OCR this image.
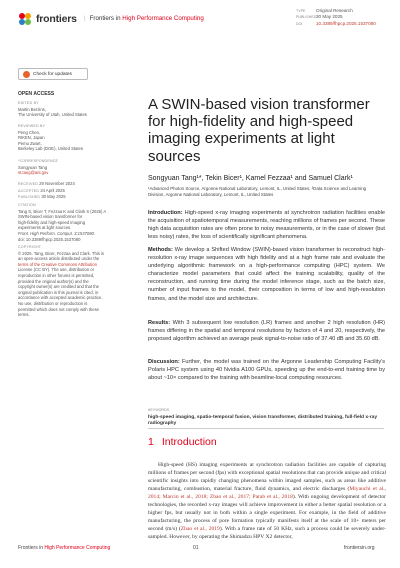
frontiers	| Frontiers in High Performance Computing
TYPE Original Research
PUBLISHED30 May 2025
DOI	10.3389/fhpcp.2025.1537080
Check for updates
OPEN ACCESS
EDITED BY
Martin Berzins,
The University of Utah, United States
REVIEWED BY
Peng Chen,
RIKEN, Japan
Pemu Zwart,
Berkeley Lab (DOE), United States
*CORRESPONDENCE
Songyuan Tang
st.tang@anl.gov
RECEIVED 29 November 2024
ACCEPTED 24 April 2025
PUBLISHED 30 May 2025
CITATION
Tang S, Bicer T, Fezzaa K and Clark S (2025) A
SWIN-based vision transformer for
high-fidelity and high-speed imaging
experiments at light sources.
Front. High Perform. Comput. 3:1537080.
doi: 10.3389/fhpcp.2025.1537080
COPYRIGHT
© 2025. Tang, Bicer, Fezzaa and Clark. This is
an open-access article distributed under the
terms of the Creative Commons Attribution
License (CC BY). The use, distribution or
reproduction in other forums is permitted,
provided the original author(s) and the
copyright owner(s) are credited and that the
original publication in this journal is cited, in
accordance with accepted academic practice.
No use, distribution or reproduction is
permitted which does not comply with these
terms.
A SWIN-based vision transformer for high-fidelity and high-speed imaging experiments at light sources
Songyuan Tang¹*, Tekin Bicer¹, Kamel Fezzaa¹ and Samuel Clark¹
¹Advanced Photon Source, Argonne National Laboratory, Lemont, IL, United States, ²Data Science and Learning Division, Argonne National Laboratory, Lemont, IL, United States
Introduction: High-speed x-ray imaging experiments at synchrotron radiation facilities enable the acquisition of spatiotemporal measurements, reaching millions of frames per second. These high data acquisition rates are often prone to noisy measurements, or in the case of slower (but less noisy) rates, the loss of scientifically significant phenomena.
Methods: We develop a Shifted Window (SWIN)-based vision transformer to reconstruct high-resolution x-ray image sequences with high fidelity and at a high frame rate and evaluate the underlying algorithmic framework on a high-performance computing (HPC) system. We characterize model parameters that could affect the training scalability, quality of the reconstruction, and running time during the model inference stage, such as the batch size, number of input frames to the model, their composition in terms of low and high-resolution frames, and the model size and architecture.
Results: With 3 subsequent low resolution (LR) frames and another 2 high resolution (HR) frames differing in the spatial and temporal resolutions by factors of 4 and 20, respectively, the proposed algorithm achieved an average peak signal-to-noise ratio of 37.40 dB and 35.60 dB.
Discussion: Further, the model was trained on the Argonne Leadership Computing Facility's Polaris HPC system using 40 Nvidia A100 GPUs, speeding up the end-to-end training time by about ~10× compared to the training with beamline-local computing resources.
KEYWORDS
high-speed imaging, spatio-temporal fusion, vision transformer, distributed training, full-field x-ray radiography
1 Introduction
High-speed (HS) imaging experiments at synchrotron radiation facilities are capable of capturing millions of frames per second (fps) with exceptional spatial resolutions that can provide unique and critical scientific insights into rapidly changing phenomena within imaged samples, such as areas like additive manufacturing, combustion, material fracture, fluid dynamics, and electric discharges (Miyauchi et al., 2014; Marcin et al., 2018; Zhao et al., 2017; Parab et al., 2018). With ongoing development of detector technologies, the recorded x-ray images will achieve improvement in either a better spatial resolution or a higher fps, but usually not in both within a single experiment. For example, in the field of additive manufacturing, the process of pore formation typically manifests itself at the scale of 10+ meters per second (m/s) (Zhao et al., 2019). With a frame rate of 50 KHz, such a process could be severely under-sampled. However, by operating the Shimadzu HPV X2 detector,
Frontiers in High Performance Computing	01	frontiersin.org
